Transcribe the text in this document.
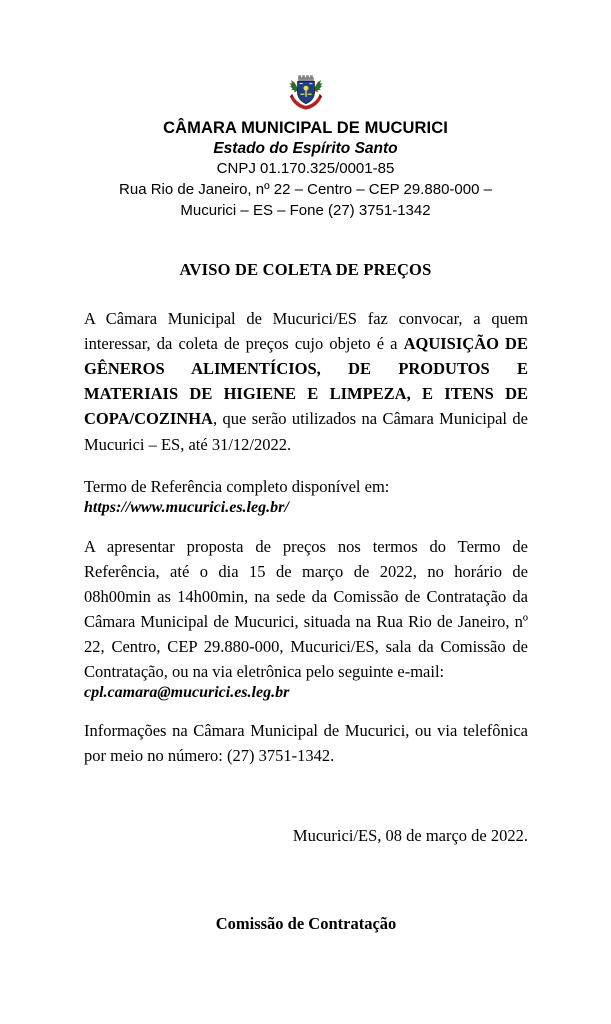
CÂMARA MUNICIPAL DE MUCURICI

Estado do Espírito Santo

CNPJ 01.170.325/0001-85

Rua Rio de Janeiro, nº 22 – Centro – CEP 29.880-000 –

Mucurici – ES – Fone (27) 3751-1342

AVISO DE COLETA DE PREÇOS

A Câmara Municipal de Mucurici/ES faz convocar, a quem interessar, da coleta de preços cujo objeto é a AQUISIÇÃO DE GÊNEROS ALIMENTÍCIOS, DE PRODUTOS E MATERIAIS DE HIGIENE E LIMPEZA, E ITENS DE COPA/COZINHA, que serão utilizados na Câmara Municipal de Mucurici – ES, até 31/12/2022.

Termo de Referência completo disponível em:

https://www.mucurici.es.leg.br/

A apresentar proposta de preços nos termos do Termo de Referência, até o dia 15 de março de 2022, no horário de 08h00min as 14h00min, na sede da Comissão de Contratação da Câmara Municipal de Mucurici, situada na Rua Rio de Janeiro, nº 22, Centro, CEP 29.880-000, Mucurici/ES, sala da Comissão de Contratação, ou na via eletrônica pelo seguinte e-mail:

cpl.camara@mucurici.es.leg.br

Informações na Câmara Municipal de Mucurici, ou via telefônica por meio no número: (27) 3751-1342.

Mucurici/ES, 08 de março de 2022.

Comissão de Contratação
